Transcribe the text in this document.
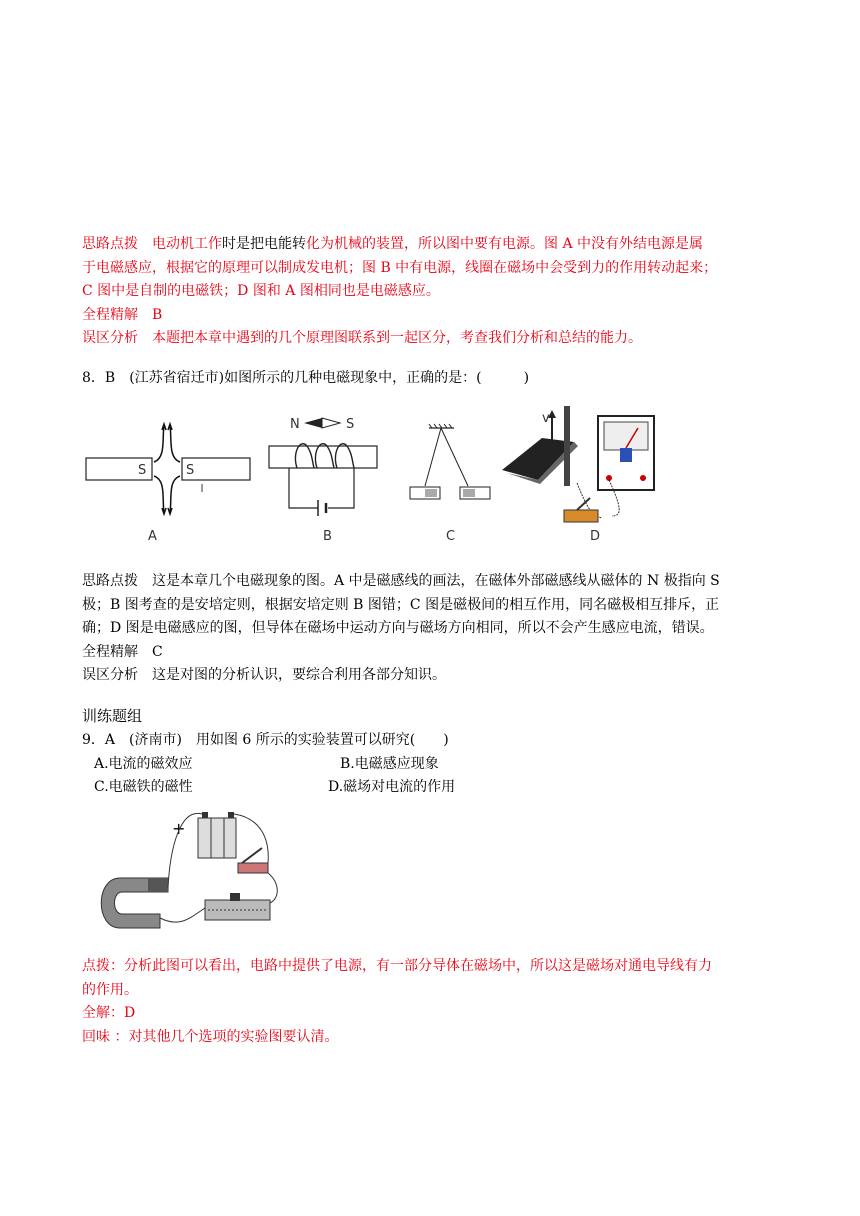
思路点拨　电动机工作时是把电能转化为机械的装置，所以图中要有电源。图 A 中没有外结电源是属

于电磁感应，根据它的原理可以制成发电机；图 B 中有电源，线圈在磁场中会受到力的作用转动起来；

C 图中是自制的电磁铁；D 图和 A 图相同也是电磁感应。

全程精解　B

误区分析　本题把本章中遇到的几个原理图联系到一起区分，考查我们分析和总结的能力。

8．B　(江苏省宿迁市)如图所示的几种电磁现象中，正确的是：(　　　)

S	S
N	S	v
A	B	C	D

思路点拨　这是本章几个电磁现象的图。A 中是磁感线的画法，在磁体外部磁感线从磁体的 N 极指向 S

极；B 图考查的是安培定则，根据安培定则 B 图错；C 图是磁极间的相互作用，同名磁极相互排斥，正

确；D 图是电磁感应的图，但导体在磁场中运动方向与磁场方向相同，所以不会产生感应电流，错误。

全程精解　C

误区分析　这是对图的分析认识，要综合利用各部分知识。

训练题组

9．A　(济南市)　用如图 6 所示的实验装置可以研究(　　)

A.电流的磁效应	B.电磁感应现象
C.电磁铁的磁性	D.磁场对电流的作用
+

点拨：分析此图可以看出，电路中提供了电源，有一部分导体在磁场中，所以这是磁场对通电导线有力

的作用。

全解：D

回味 ：对其他几个选项的实验图要认清。
